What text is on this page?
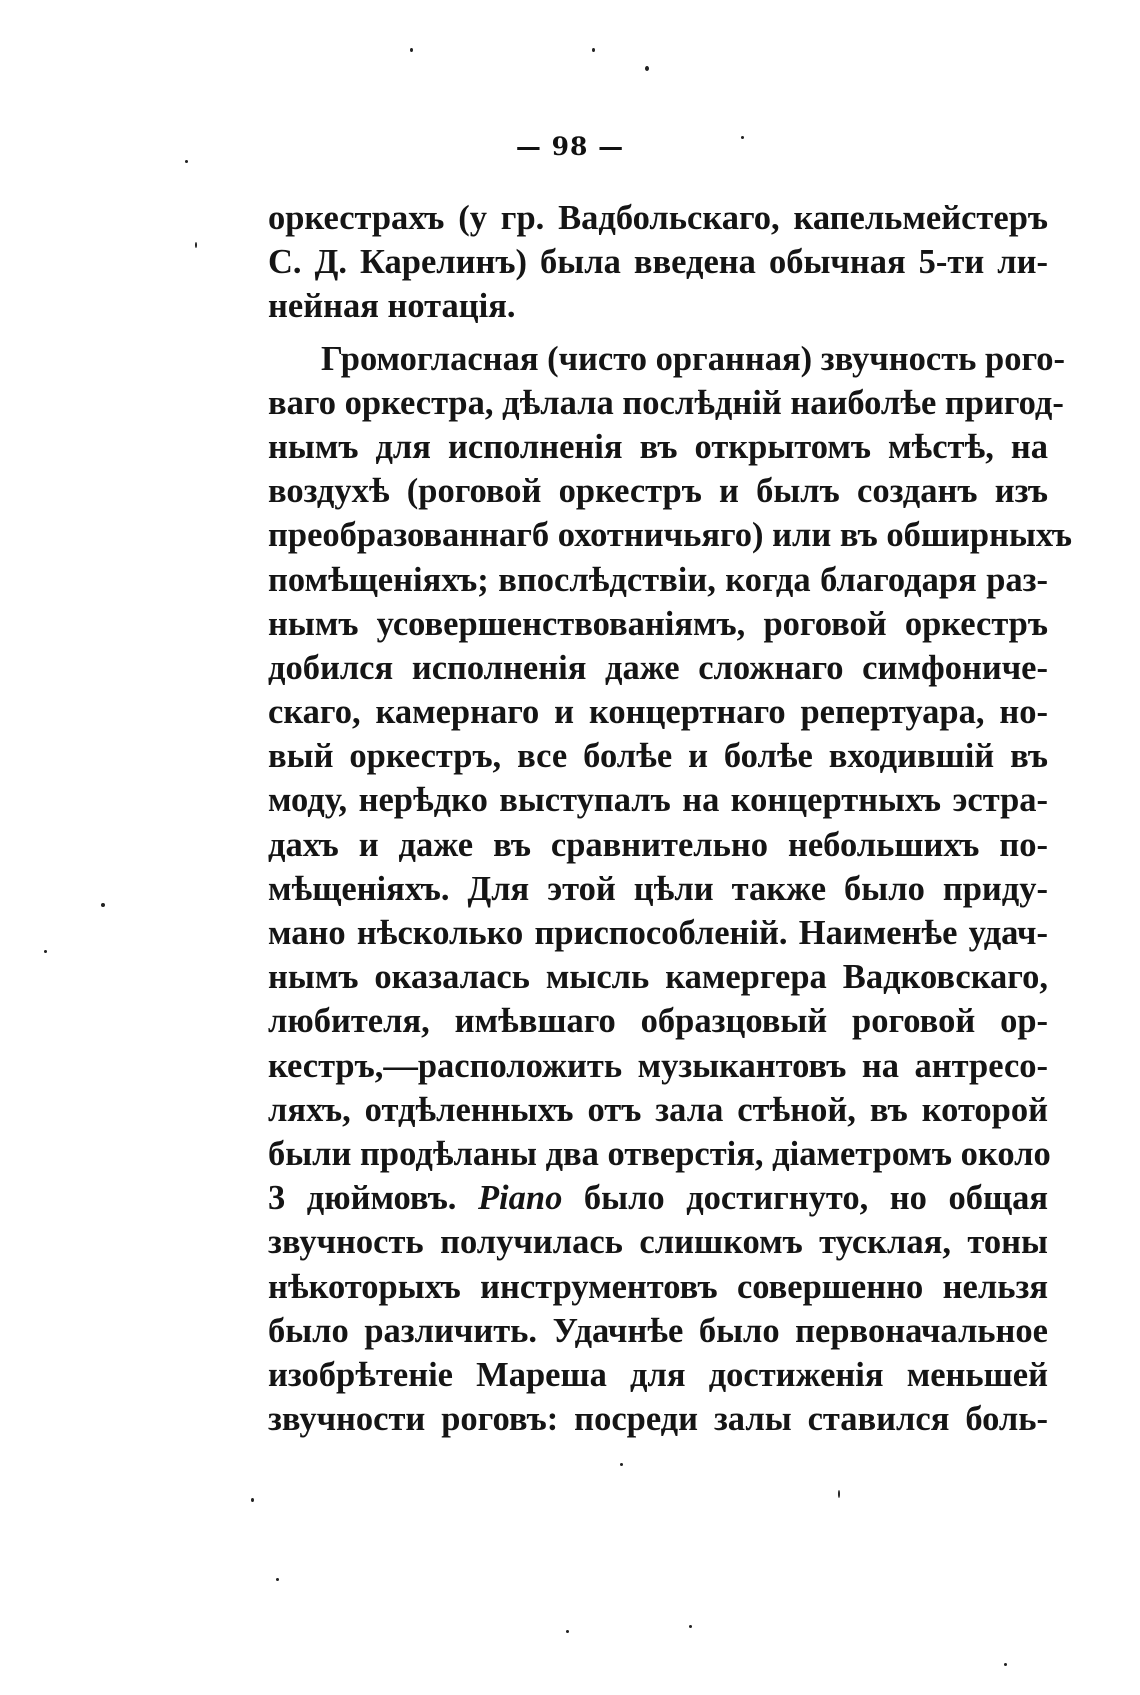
— 98 —
оркестрахъ (у гр. Вадбольскаго, капельмейстеръ
С. Д. Карелинъ) была введена обычная 5-ти ли-
нейная нотація.
Громогласная (чисто органная) звучность рого-
ваго оркестра, дѣлала послѣдній наиболѣе пригод-
нымъ для исполненія въ открытомъ мѣстѣ, на
воздухѣ (роговой оркестръ и былъ созданъ изъ
преобразованнагб охотничьяго) или въ обширныхъ
помѣщеніяхъ; впослѣдствіи, когда благодаря раз-
нымъ усовершенствованіямъ, роговой оркестръ
добился исполненія даже сложнаго симфониче-
скаго, камернаго и концертнаго репертуара, но-
вый оркестръ, все болѣе и болѣе входившій въ
моду, нерѣдко выступалъ на концертныхъ эстра-
дахъ и даже въ сравнительно небольшихъ по-
мѣщеніяхъ. Для этой цѣли также было приду-
мано нѣсколько приспособленій. Наименѣе удач-
нымъ оказалась мысль камергера Вадковскаго,
любителя, имѣвшаго образцовый роговой ор-
кестръ,—расположить музыкантовъ на антресо-
ляхъ, отдѣленныхъ отъ зала стѣной, въ которой
были продѣланы два отверстія, діаметромъ около
3 дюймовъ. Piano было достигнуто, но общая
звучность получилась слишкомъ тусклая, тоны
нѣкоторыхъ инструментовъ совершенно нельзя
было различить. Удачнѣе было первоначальное
изобрѣтеніе Мареша для достиженія меньшей
звучности роговъ: посреди залы ставился боль-
